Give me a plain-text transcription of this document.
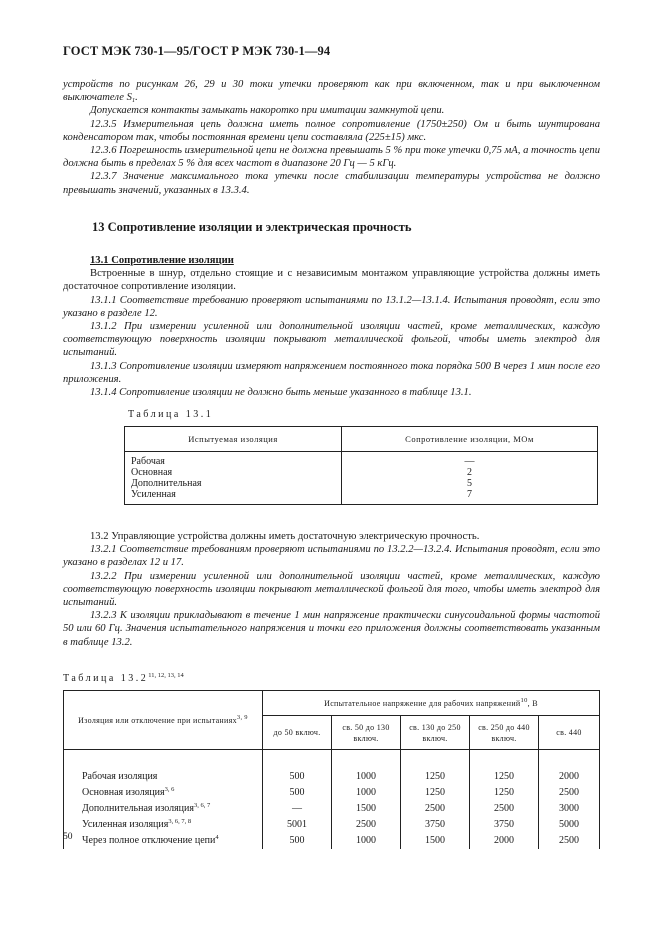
ГОСТ МЭК 730-1—95/ГОСТ Р МЭК 730-1—94

устройств по рисункам 26, 29 и 30 токи утечки проверяют как при включенном, так и при выключенном выключателе $S_1$.

Допускается контакты замыкать накоротко при имитации замкнутой цепи.

12.3.5 Измерительная цепь должна иметь полное сопротивление (1750±250) Ом и быть шунтирована конденсатором так, чтобы постоянная времени цепи составляла (225±15) мкс.

12.3.6 Погрешность измерительной цепи не должна превышать 5 % при токе утечки 0,75 мА, а точность цепи должна быть в пределах 5 % для всех частот в диапазоне 20 Гц — 5 кГц.

12.3.7 Значение максимального тока утечки после стабилизации температуры устройства не должно превышать значений, указанных в 13.3.4.

13 Сопротивление изоляции и электрическая прочность

13.1 Сопротивление изоляции

Встроенные в шнур, отдельно стоящие и с независимым монтажом управляющие устройства должны иметь достаточное сопротивление изоляции.

13.1.1 Соответствие требованию проверяют испытаниями по 13.1.2—13.1.4. Испытания проводят, если это указано в разделе 12.

13.1.2 При измерении усиленной или дополнительной изоляции частей, кроме металлических, каждую соответствующую поверхность изоляции покрывают металлической фольгой, чтобы иметь электрод для испытаний.

13.1.3 Сопротивление изоляции измеряют напряжением постоянного тока порядка 500 В через 1 мин после его приложения.

13.1.4 Сопротивление изоляции не должно быть меньше указанного в таблице 13.1.

Таблица 13.1
Испытуемая изоляция	Сопротивление изоляции, МОм
Рабочая	—
Основная	2
Дополнительная	5
Усиленная	7

13.2 Управляющие устройства должны иметь достаточную электрическую прочность.

13.2.1 Соответствие требованиям проверяют испытаниями по 13.2.2—13.2.4. Испытания проводят, если это указано в разделах 12 и 17.

13.2.2 При измерении усиленной или дополнительной изоляции частей, кроме металлических, каждую соответствующую поверхность изоляции покрывают металлической фольгой для того, чтобы иметь электрод для испытаний.

13.2.3 К изоляции прикладывают в течение 1 мин напряжение практически синусоидальной формы частотой 50 или 60 Гц. Значения испытательного напряжения и точки его приложения должны соответствовать указанным в таблице 13.2.

Таблица 13.2$^{11, 12, 13, 14}$
Изоляция или отключение при испытаниях$^{3, 9}$	Испытательное напряжение для рабочих напряжений$^{10}$, В				
	до 50 включ.	св. 50 до 130 включ.	св. 130 до 250 включ.	св. 250 до 440 включ.	св. 440
Рабочая изоляция	500	1000	1250	1250	2000
Основная изоляция$^{3, 6}$	500	1000	1250	1250	2500
Дополнительная изоляция$^{3, 6, 7}$	—	1500	2500	2500	3000
Усиленная изоляция$^{3, 6, 7, 8}$	5001	2500	3750	3750	5000
Через полное отключение цепи$^4$	500	1000	1500	2000	2500
50
